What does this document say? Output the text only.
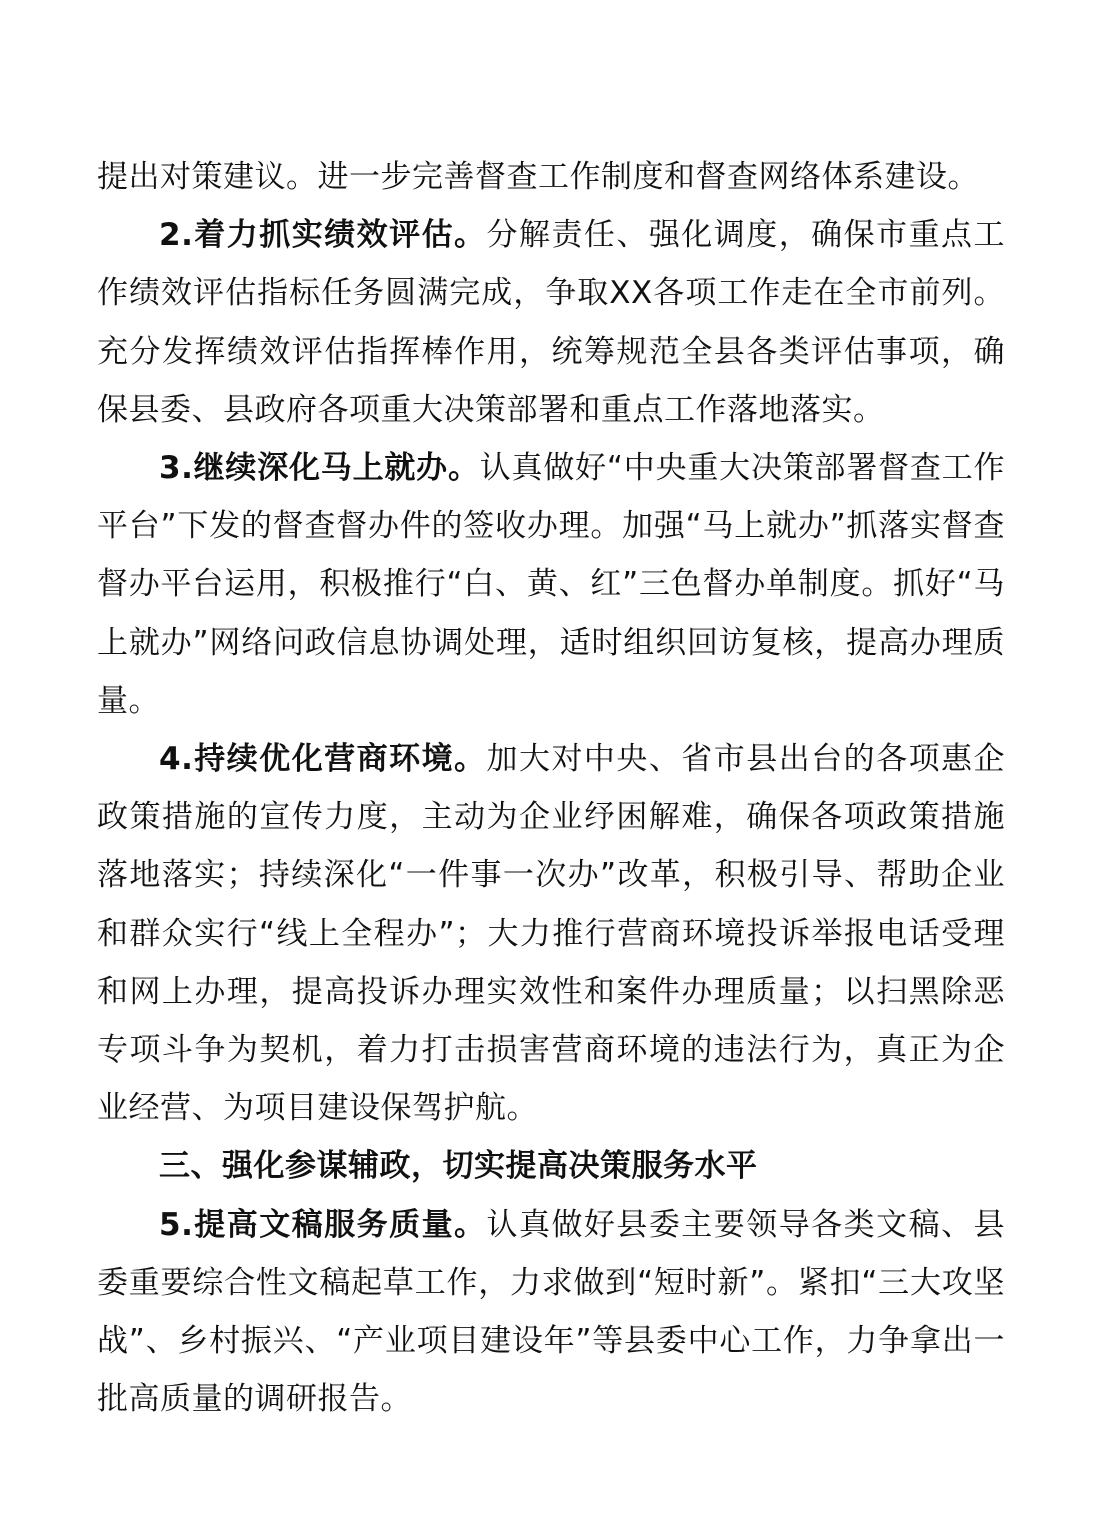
提出对策建议。进一步完善督查工作制度和督查网络体系建设。

2.着力抓实绩效评估。分解责任、强化调度，确保市重点工作绩效评估指标任务圆满完成，争取XX各项工作走在全市前列。充分发挥绩效评估指挥棒作用，统筹规范全县各类评估事项，确保县委、县政府各项重大决策部署和重点工作落地落实。

3.继续深化马上就办。认真做好“中央重大决策部署督查工作平台”下发的督查督办件的签收办理。加强“马上就办”抓落实督查督办平台运用，积极推行“白、黄、红”三色督办单制度。抓好“马上就办”网络问政信息协调处理，适时组织回访复核，提高办理质量。

4.持续优化营商环境。加大对中央、省市县出台的各项惠企政策措施的宣传力度，主动为企业纾困解难，确保各项政策措施落地落实；持续深化“一件事一次办”改革，积极引导、帮助企业和群众实行“线上全程办”；大力推行营商环境投诉举报电话受理和网上办理，提高投诉办理实效性和案件办理质量；以扫黑除恶专项斗争为契机，着力打击损害营商环境的违法行为，真正为企业经营、为项目建设保驾护航。

三、强化参谋辅政，切实提高决策服务水平

5.提高文稿服务质量。认真做好县委主要领导各类文稿、县委重要综合性文稿起草工作，力求做到“短时新”。紧扣“三大攻坚战”、乡村振兴、“产业项目建设年”等县委中心工作，力争拿出一批高质量的调研报告。
